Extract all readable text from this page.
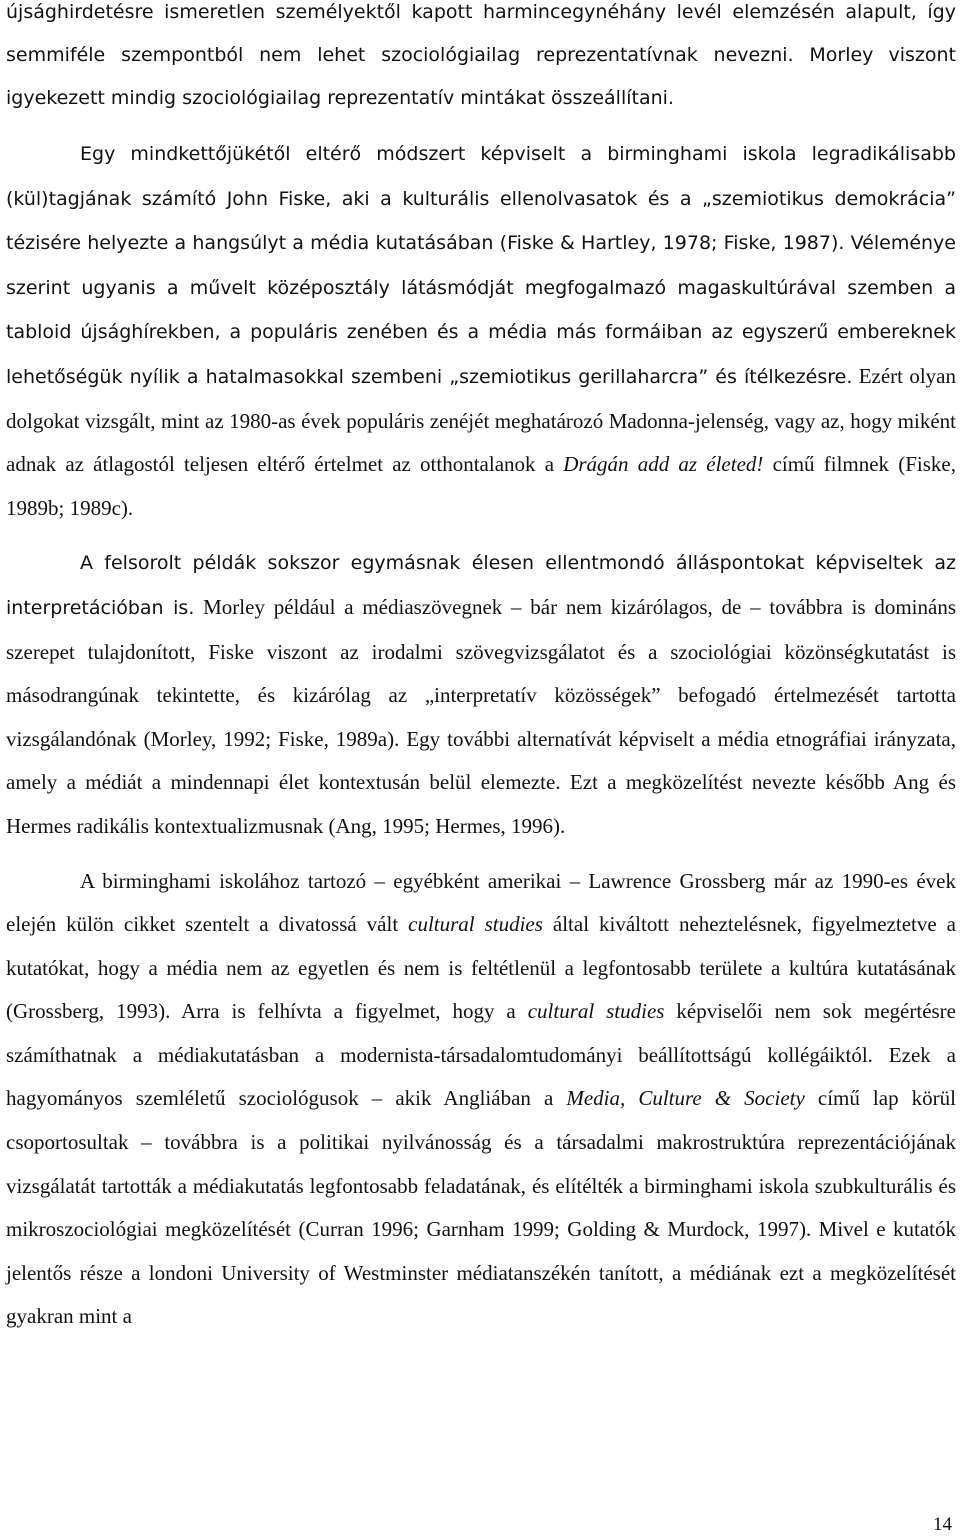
újsághirdetésre ismeretlen személyektől kapott harmincegynéhány levél elemzésén alapult, így semmiféle szempontból nem lehet szociológiailag reprezentatívnak nevezni. Morley viszont igyekezett mindig szociológiailag reprezentatív mintákat összeállítani.

Egy mindkettőjükétől eltérő módszert képviselt a birminghami iskola legradikálisabb (kül)tagjának számító John Fiske, aki a kulturális ellenolvasatok és a „szemiotikus demokrácia” tézisére helyezte a hangsúlyt a média kutatásában (Fiske & Hartley, 1978; Fiske, 1987). Véleménye szerint ugyanis a művelt középosztály látásmódját megfogalmazó magaskultúrával szemben a tabloid újsághírekben, a populáris zenében és a média más formáiban az egyszerű embereknek lehetőségük nyílik a hatalmasokkal szembeni „szemiotikus gerillaharcra” és ítélkezésre. Ezért olyan dolgokat vizsgált, mint az 1980-as évek populáris zenéjét meghatározó Madonna-jelenség, vagy az, hogy miként adnak az átlagostól teljesen eltérő értelmet az otthontalanok a Drágán add az életed! című filmnek (Fiske, 1989b; 1989c).

A felsorolt példák sokszor egymásnak élesen ellentmondó álláspontokat képviseltek az interpretációban is. Morley például a médiaszövegnek – bár nem kizárólagos, de – továbbra is domináns szerepet tulajdonított, Fiske viszont az irodalmi szövegvizsgálatot és a szociológiai közönségkutatást is másodrangúnak tekintette, és kizárólag az „interpretatív közösségek” befogadó értelmezését tartotta vizsgálandónak (Morley, 1992; Fiske, 1989a). Egy további alternatívát képviselt a média etnográfiai irányzata, amely a médiát a mindennapi élet kontextusán belül elemezte. Ezt a megközelítést nevezte később Ang és Hermes radikális kontextualizmusnak (Ang, 1995; Hermes, 1996).

A birminghami iskolához tartozó – egyébként amerikai – Lawrence Grossberg már az 1990-es évek elején külön cikket szentelt a divatossá vált cultural studies által kiváltott neheztelésnek, figyelmeztetve a kutatókat, hogy a média nem az egyetlen és nem is feltétlenül a legfontosabb területe a kultúra kutatásának (Grossberg, 1993). Arra is felhívta a figyelmet, hogy a cultural studies képviselői nem sok megértésre számíthatnak a médiakutatásban a modernista-társadalomtudományi beállítottságú kollégáiktól. Ezek a hagyományos szemléletű szociológusok – akik Angliában a Media, Culture & Society című lap körül csoportosultak – továbbra is a politikai nyilvánosság és a társadalmi makrostruktúra reprezentációjának vizsgálatát tartották a médiakutatás legfontosabb feladatának, és elítélték a birminghami iskola szubkulturális és mikroszociológiai megközelítését (Curran 1996; Garnham 1999; Golding & Murdock, 1997). Mivel e kutatók jelentős része a londoni University of Westminster médiatanszékén tanított, a médiának ezt a megközelítését gyakran mint a

14
